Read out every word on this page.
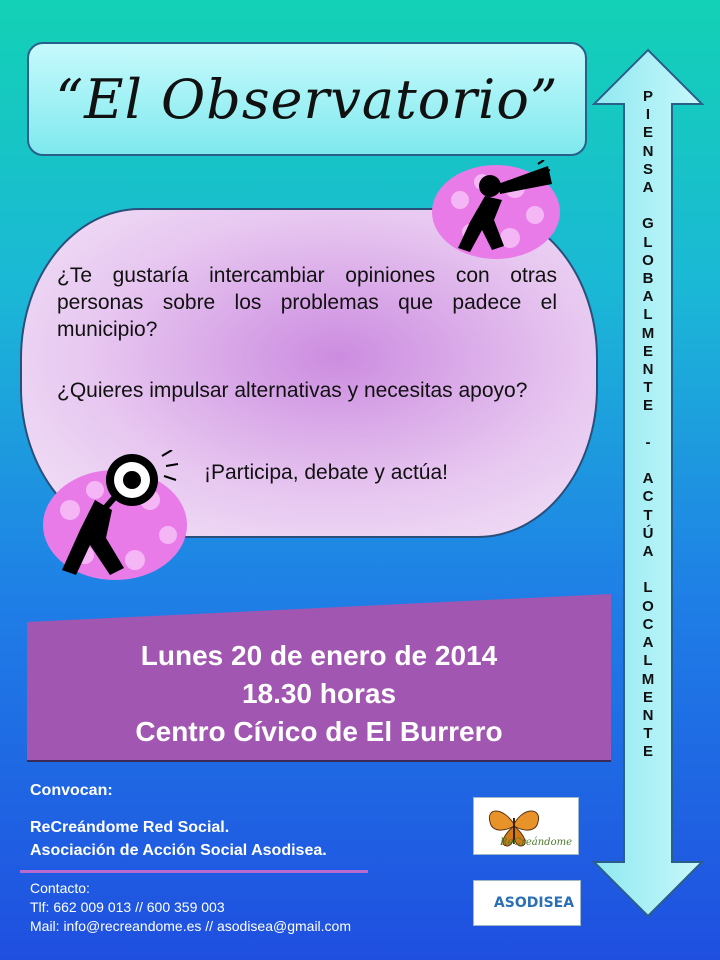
“El Observatorio”

¿Te gustaría intercambiar opiniones con otras personas sobre los problemas que padece el municipio?

¿Quieres impulsar alternativas y necesitas apoyo?

¡Participa, debate y actúa!
Lunes 20 de enero de 2014
18.30 horas
Centro Cívico de El Burrero
Convocan:
ReCreándome Red Social.
Asociación de Acción Social Asodisea.
Contacto:
Tlf: 662 009 013 // 600 359 003
Mail: info@recreandome.es // asodisea@gmail.com
ReCreándome
ASODISEA
P
I
E
N
S
A

G
L
O
B
A
L
M
E
N
T
E

-

A
C
T
Ú
A

L
O
C
A
L
M
E
N
T
E
